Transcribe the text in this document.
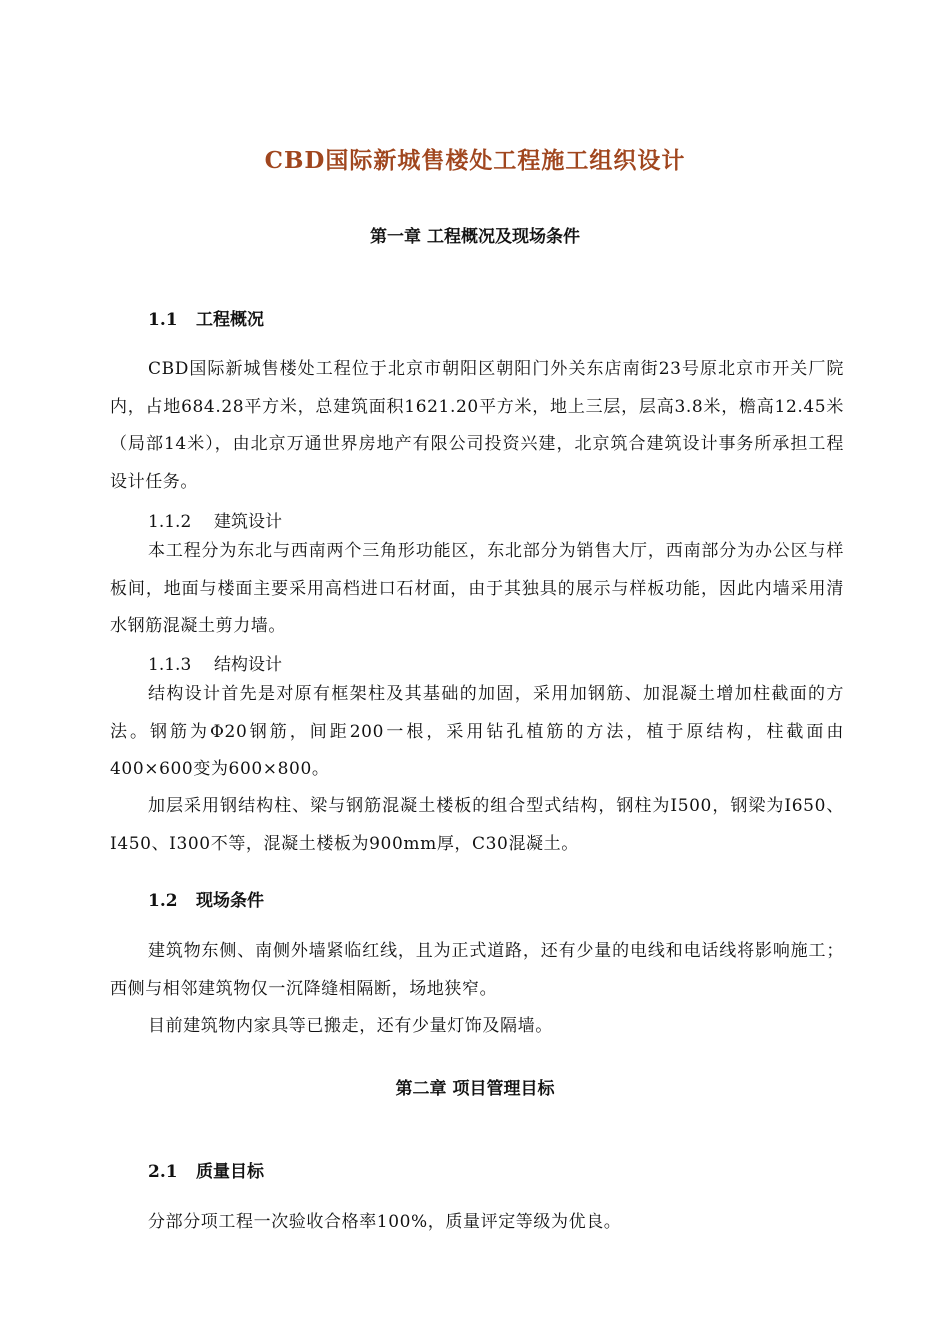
CBD国际新城售楼处工程施工组织设计
第一章 工程概况及现场条件
1.1 工程概况

CBD国际新城售楼处工程位于北京市朝阳区朝阳门外关东店南街23号原北京市开关厂院内，占地684.28平方米，总建筑面积1621.20平方米，地上三层，层高3.8米，檐高12.45米（局部14米），由北京万通世界房地产有限公司投资兴建，北京筑合建筑设计事务所承担工程设计任务。

1.1.2 建筑设计

本工程分为东北与西南两个三角形功能区，东北部分为销售大厅，西南部分为办公区与样板间，地面与楼面主要采用高档进口石材面，由于其独具的展示与样板功能，因此内墙采用清水钢筋混凝土剪力墙。

1.1.3 结构设计

结构设计首先是对原有框架柱及其基础的加固，采用加钢筋、加混凝土增加柱截面的方法。钢筋为Φ20钢筋，间距200一根，采用钻孔植筋的方法，植于原结构，柱截面由400×600变为600×800。

加层采用钢结构柱、梁与钢筋混凝土楼板的组合型式结构，钢柱为I500，钢梁为I650、I450、I300不等，混凝土楼板为900mm厚，C30混凝土。

1.2 现场条件

建筑物东侧、南侧外墙紧临红线，且为正式道路，还有少量的电线和电话线将影响施工；西侧与相邻建筑物仅一沉降缝相隔断，场地狭窄。

目前建筑物内家具等已搬走，还有少量灯饰及隔墙。

第二章 项目管理目标
2.1 质量目标

分部分项工程一次验收合格率100%，质量评定等级为优良。
